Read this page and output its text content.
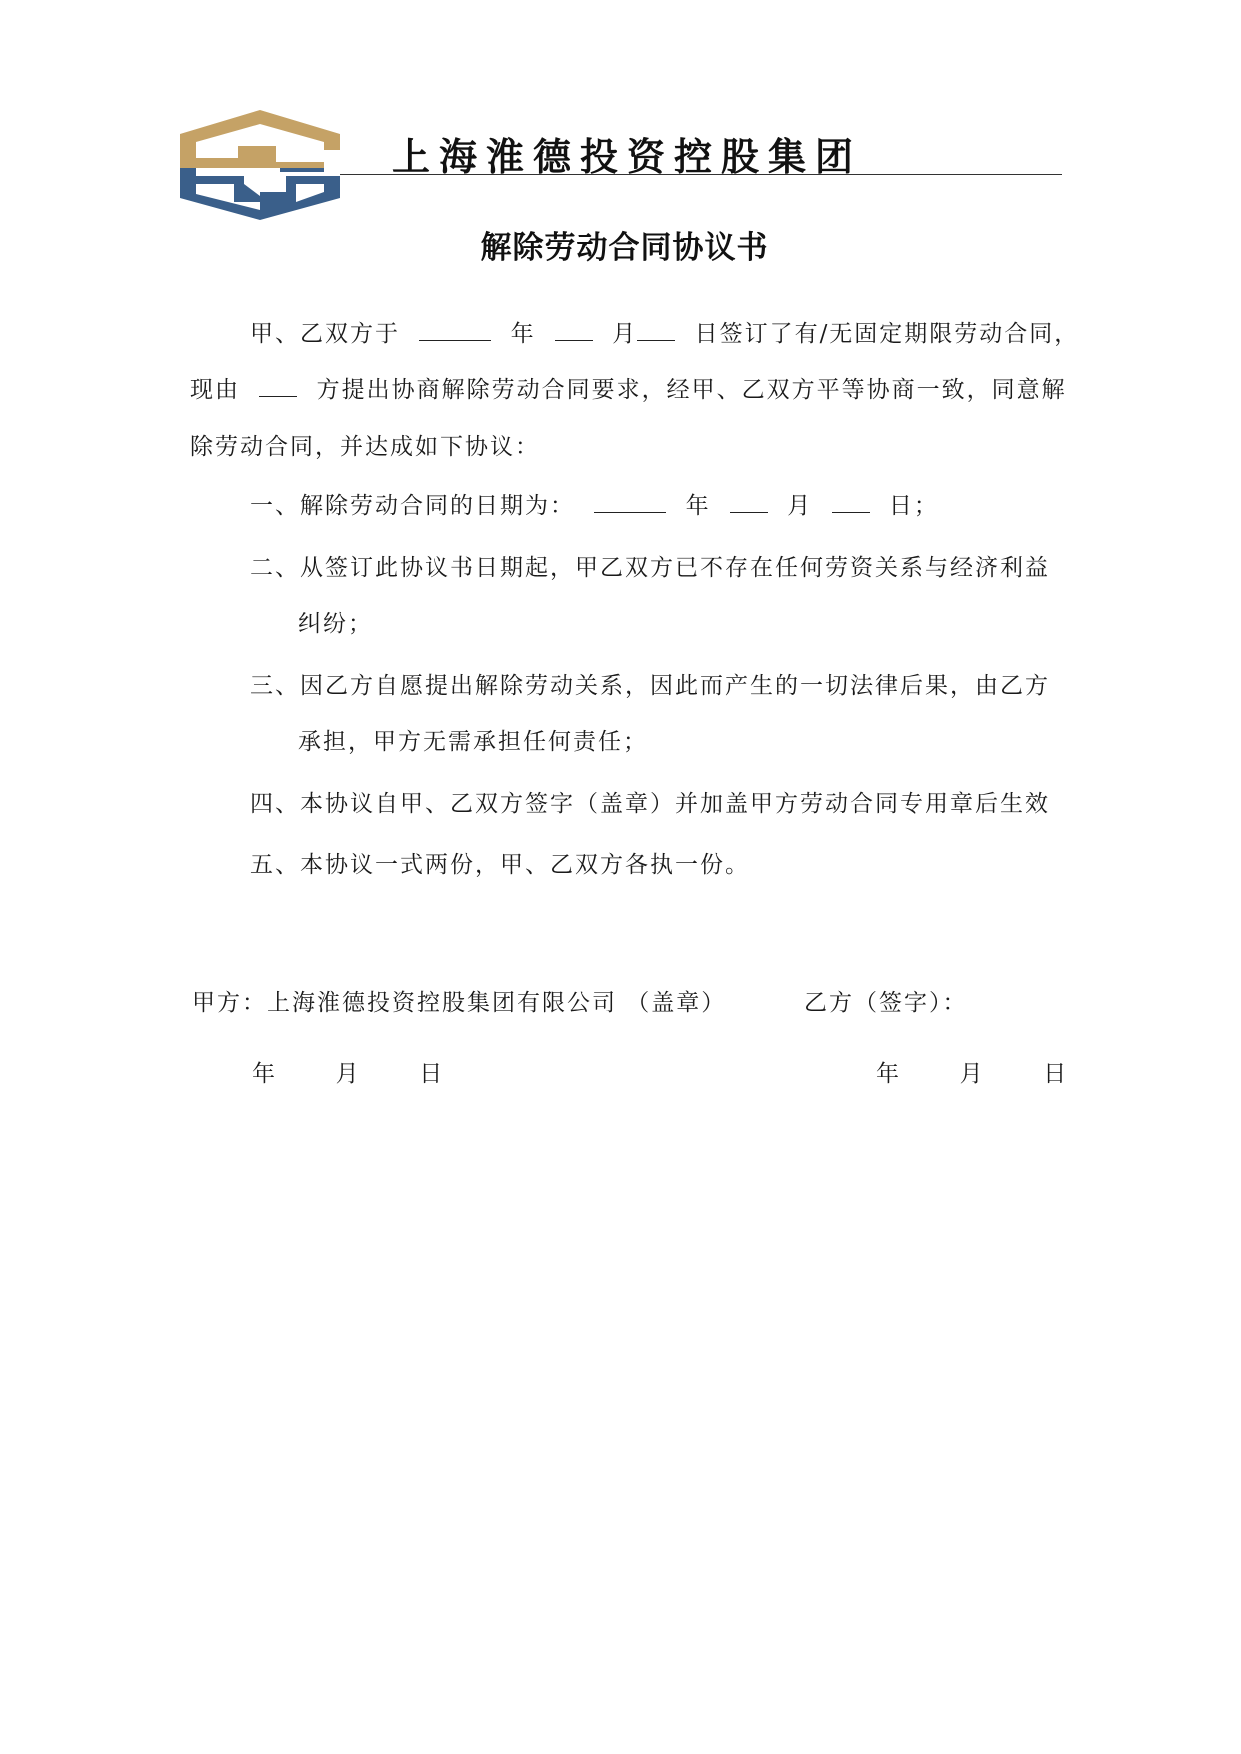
上海淮德投资控股集团
解除劳动合同协议书
甲、乙双方于	年	月 日签订了有/无固定期限劳动合同，
现由	方提出协商解除劳动合同要求，经甲、乙双方平等协商一致，同意解
除劳动合同，并达成如下协议：
一、解除劳动合同的日期为：	年	月	日；
二、从签订此协议书日期起，甲乙双方已不存在任何劳资关系与经济利益
纠纷；
三、因乙方自愿提出解除劳动关系，因此而产生的一切法律后果，由乙方
承担，甲方无需承担任何责任；
四、本协议自甲、乙双方签字（盖章）并加盖甲方劳动合同专用章后生效
五、本协议一式两份，甲、乙双方各执一份。
甲方：上海淮德投资控股集团有限公司 （盖章）	乙方（签字）：
年	月	日	年	月	日
